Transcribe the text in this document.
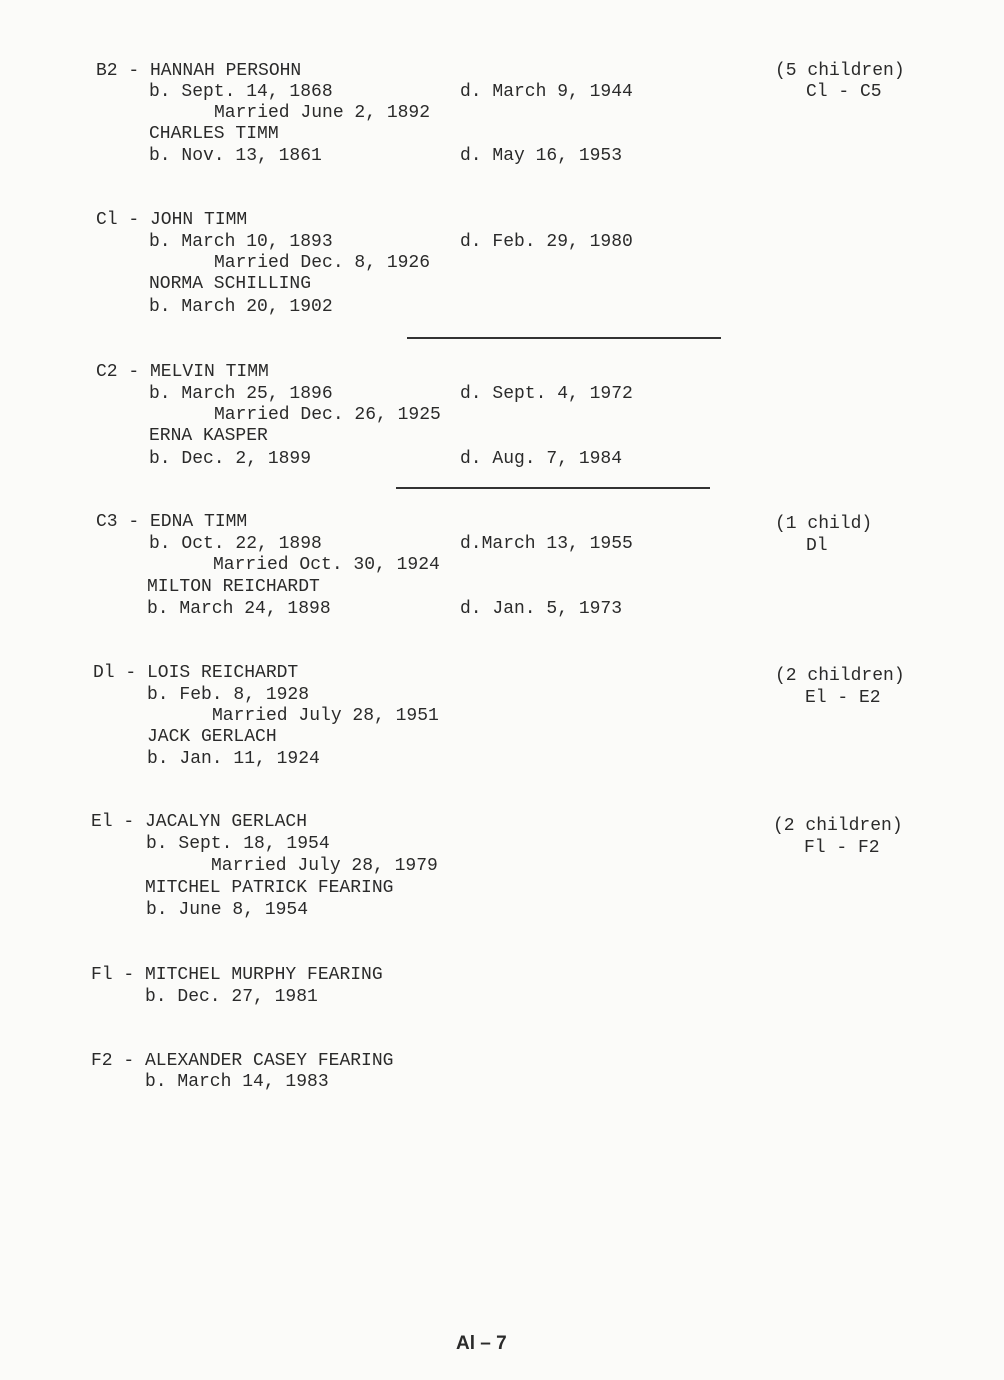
B2 - HANNAH PERSOHN
b. Sept. 14, 1868	d. March 9, 1944
Married June 2, 1892
CHARLES TIMM
b. Nov. 13, 1861	d. May 16, 1953
(5 children)
Cl - C5
Cl - JOHN TIMM
b. March 10, 1893	d. Feb. 29, 1980
Married Dec. 8, 1926
NORMA SCHILLING
b. March 20, 1902
C2 - MELVIN TIMM
b. March 25, 1896	d. Sept. 4, 1972
Married Dec. 26, 1925
ERNA KASPER
b. Dec. 2, 1899	d. Aug. 7, 1984
C3 - EDNA TIMM
b. Oct. 22, 1898	d.March 13, 1955
Married Oct. 30, 1924
MILTON REICHARDT
b. March 24, 1898	d. Jan. 5, 1973
(1 child)
Dl
Dl - LOIS REICHARDT
b. Feb. 8, 1928
Married July 28, 1951
JACK GERLACH
b. Jan. 11, 1924
(2 children)
El - E2
El - JACALYN GERLACH
b. Sept. 18, 1954
Married July 28, 1979
MITCHEL PATRICK FEARING
b. June 8, 1954
(2 children)
Fl - F2
Fl - MITCHEL MURPHY FEARING
b. Dec. 27, 1981
F2 - ALEXANDER CASEY FEARING
b. March 14, 1983
Al – 7
